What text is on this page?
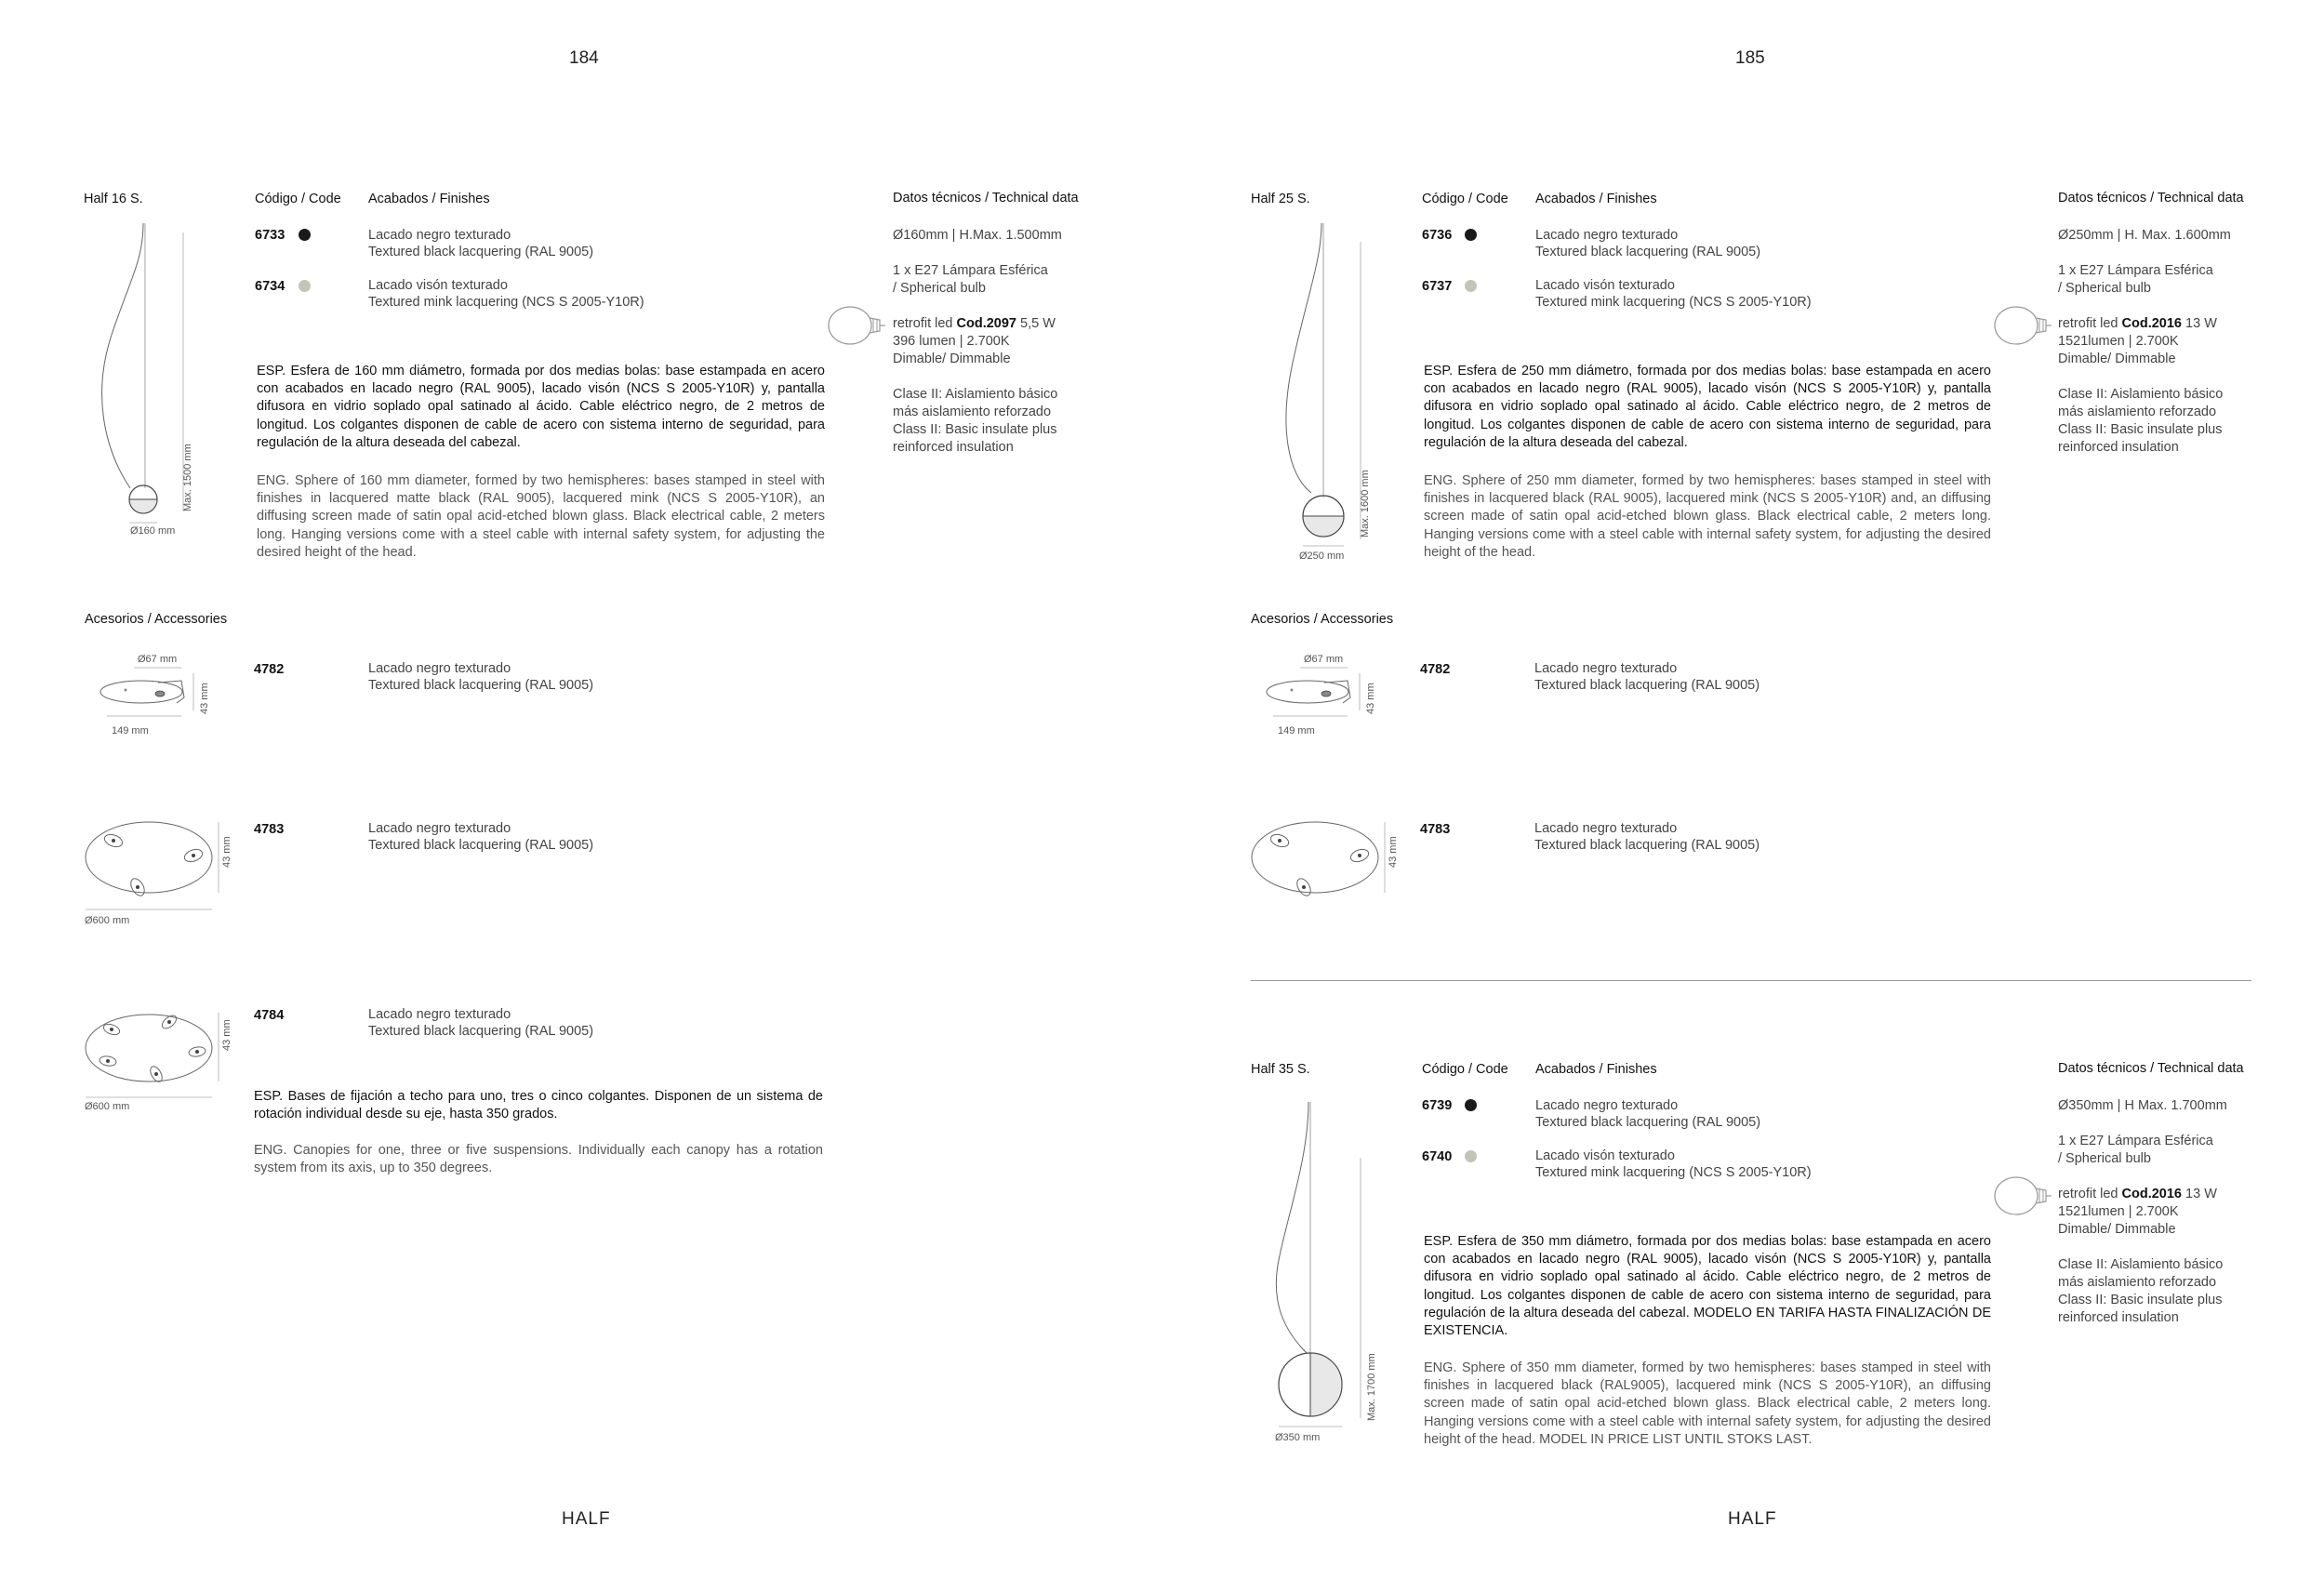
184	185
HALF	HALF
Half 16 S.	Código / Code Acabados / Finishes	Datos técnicos / Technical data
6733	Lacado negro texturado
Textured black lacquering (RAL 9005)
6734	Lacado visón texturado
Textured mink lacquering (NCS S 2005-Y10R)
ESP. Esfera de 160 mm diámetro, formada por dos medias bolas: base estampada en acero con acabados en lacado negro (RAL 9005), lacado visón (NCS S 2005-Y10R) y, pantalla difusora en vidrio soplado opal satinado al ácido. Cable eléctrico negro, de 2 metros de longitud. Los colgantes disponen de cable de acero con sistema interno de seguridad, para regulación de la altura deseada del cabezal.
ENG. Sphere of 160 mm diameter, formed by two hemispheres: bases stamped in steel with finishes in lacquered matte black (RAL 9005), lacquered mink (NCS S 2005-Y10R), an diffusing screen made of satin opal acid-etched blown glass. Black electrical cable, 2 meters long. Hanging versions come with a steel cable with internal safety system, for adjusting the desired height of the head.
Ø160mm | H.Max. 1.500mm
1 x E27 Lámpara Esférica
/ Spherical bulb
retrofit led Cod.2097 5,5 W
396 lumen | 2.700K
Dimable/ Dimmable
Clase II: Aislamiento básico
más aislamiento reforzado
Class II: Basic insulate plus
reinforced insulation
Ø160 mm
Max. 1500 mm
Half 25 S.	Código / Code Acabados / Finishes	Datos técnicos / Technical data
6736	Lacado negro texturado
Textured black lacquering (RAL 9005)
6737	Lacado visón texturado
Textured mink lacquering (NCS S 2005-Y10R)
ESP. Esfera de 250 mm diámetro, formada por dos medias bolas: base estampada en acero con acabados en lacado negro (RAL 9005), lacado visón (NCS S 2005-Y10R) y, pantalla difusora en vidrio soplado opal satinado al ácido. Cable eléctrico negro, de 2 metros de longitud. Los colgantes disponen de cable de acero con sistema interno de seguridad, para regulación de la altura deseada del cabezal.
ENG. Sphere of 250 mm diameter, formed by two hemispheres: bases stamped in steel with finishes in lacquered black (RAL 9005), lacquered mink (NCS S 2005-Y10R) and, an diffusing screen made of satin opal acid-etched blown glass. Black electrical cable, 2 meters long. Hanging versions come with a steel cable with internal safety system, for adjusting the desired height of the head.
Ø250mm | H. Max. 1.600mm
1 x E27 Lámpara Esférica
/ Spherical bulb
retrofit led Cod.2016 13 W
1521lumen | 2.700K
Dimable/ Dimmable
Clase II: Aislamiento básico
más aislamiento reforzado
Class II: Basic insulate plus
reinforced insulation
Ø250 mm
Max. 1600 mm
Half 35 S.	Código / Code Acabados / Finishes	Datos técnicos / Technical data
6739	Lacado negro texturado
Textured black lacquering (RAL 9005)
6740	Lacado visón texturado
Textured mink lacquering (NCS S 2005-Y10R)
ESP. Esfera de 350 mm diámetro, formada por dos medias bolas: base estampada en acero con acabados en lacado negro (RAL 9005), lacado visón (NCS S 2005-Y10R) y, pantalla difusora en vidrio soplado opal satinado al ácido. Cable eléctrico negro, de 2 metros de longitud. Los colgantes disponen de cable de acero con sistema interno de seguridad, para regulación de la altura deseada del cabezal. MODELO EN TARIFA HASTA FINALIZACIÓN DE EXISTENCIA.
ENG. Sphere of 350 mm diameter, formed by two hemispheres: bases stamped in steel with finishes in lacquered black (RAL9005), lacquered mink (NCS S 2005-Y10R), an diffusing screen made of satin opal acid-etched blown glass. Black electrical cable, 2 meters long. Hanging versions come with a steel cable with internal safety system, for adjusting the desired height of the head. MODEL IN PRICE LIST UNTIL STOKS LAST.
Ø350mm | H Max. 1.700mm
1 x E27 Lámpara Esférica
/ Spherical bulb
retrofit led Cod.2016 13 W
1521lumen | 2.700K
Dimable/ Dimmable
Clase II: Aislamiento básico
más aislamiento reforzado
Class II: Basic insulate plus
reinforced insulation
Ø350 mm
Max. 1700 mm
Acesorios / Accessories
Ø67 mm
43 mm
149 mm
4782	Lacado negro texturado
Textured black lacquering (RAL 9005)
43 mm
Ø600 mm
4783	Lacado negro texturado
Textured black lacquering (RAL 9005)
43 mm
Ø600 mm
4784	Lacado negro texturado
Textured black lacquering (RAL 9005)
ESP. Bases de fijación a techo para uno, tres o cinco colgantes. Disponen de un sistema de rotación individual desde su eje, hasta 350 grados.
ENG. Canopies for one, three or five suspensions. Individually each canopy has a rotation system from its axis, up to 350 degrees.
Acesorios / Accessories
Ø67 mm
43 mm
149 mm
4782	Lacado negro texturado
Textured black lacquering (RAL 9005)
43 mm
4783	Lacado negro texturado
Textured black lacquering (RAL 9005)
